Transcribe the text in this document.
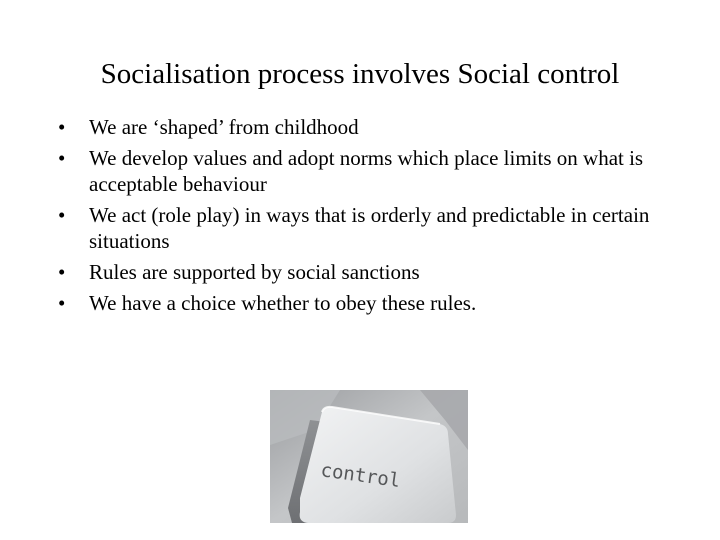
Socialisation process involves Social control
•	We are ‘shaped’ from childhood
•	We develop values and adopt norms which place limits on what is acceptable behaviour
•	We act (role play) in ways that is orderly and predictable in certain situations
•	Rules are supported by social sanctions
•	We have a choice whether to obey these rules.
control
